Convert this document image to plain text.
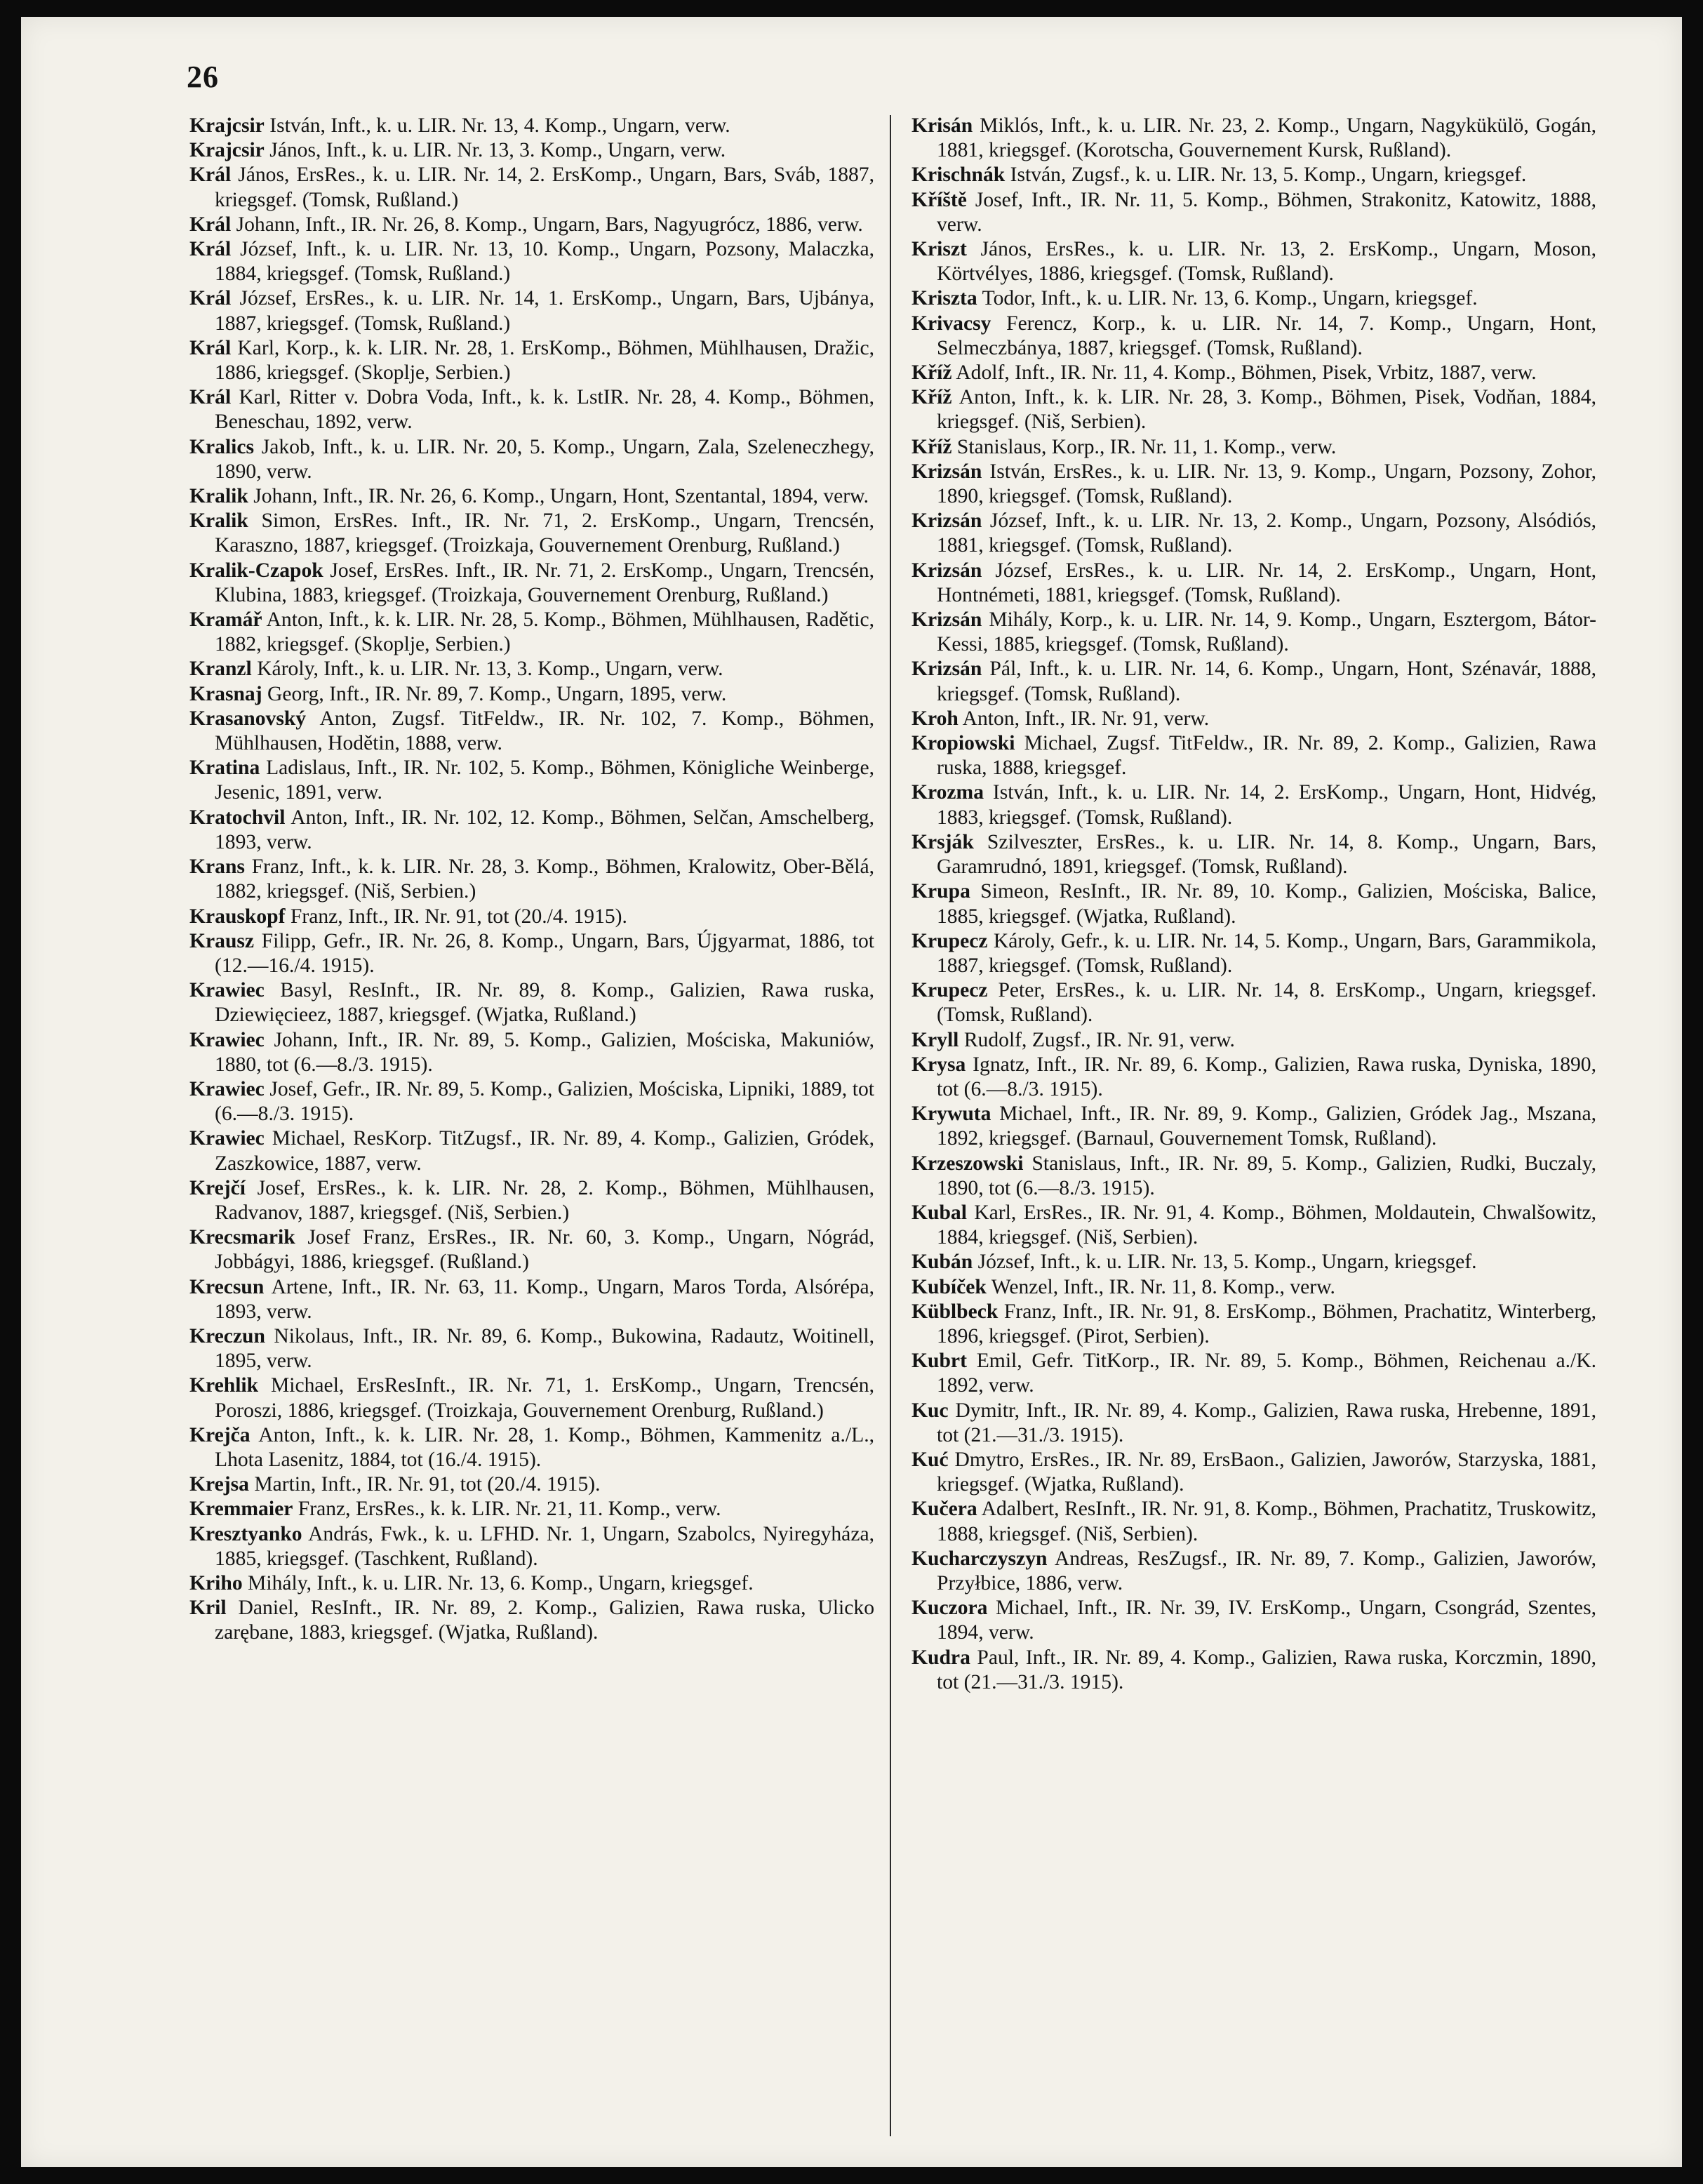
26
Krajcsir István, Inft., k. u. LIR. Nr. 13, 4. Komp., Ungarn, verw.
Krajcsir János, Inft., k. u. LIR. Nr. 13, 3. Komp., Ungarn, verw.
Král János, ErsRes., k. u. LIR. Nr. 14, 2. ErsKomp., Ungarn, Bars, Sváb, 1887, kriegsgef. (Tomsk, Rußland.)
Král Johann, Inft., IR. Nr. 26, 8. Komp., Ungarn, Bars, Nagyugrócz, 1886, verw.
Král József, Inft., k. u. LIR. Nr. 13, 10. Komp., Ungarn, Pozsony, Malaczka, 1884, kriegsgef. (Tomsk, Rußland.)
Král József, ErsRes., k. u. LIR. Nr. 14, 1. ErsKomp., Ungarn, Bars, Ujbánya, 1887, kriegsgef. (Tomsk, Rußland.)
Král Karl, Korp., k. k. LIR. Nr. 28, 1. ErsKomp., Böhmen, Mühlhausen, Dražic, 1886, kriegsgef. (Skoplje, Serbien.)
Král Karl, Ritter v. Dobra Voda, Inft., k. k. LstIR. Nr. 28, 4. Komp., Böhmen, Beneschau, 1892, verw.
Kralics Jakob, Inft., k. u. LIR. Nr. 20, 5. Komp., Ungarn, Zala, Szeleneczhegy, 1890, verw.
Kralik Johann, Inft., IR. Nr. 26, 6. Komp., Ungarn, Hont, Szentantal, 1894, verw.
Kralik Simon, ErsRes. Inft., IR. Nr. 71, 2. ErsKomp., Ungarn, Trencsén, Karaszno, 1887, kriegsgef. (Troizkaja, Gouvernement Orenburg, Rußland.)
Kralik-Czapok Josef, ErsRes. Inft., IR. Nr. 71, 2. ErsKomp., Ungarn, Trencsén, Klubina, 1883, kriegsgef. (Troizkaja, Gouvernement Orenburg, Rußland.)
Kramář Anton, Inft., k. k. LIR. Nr. 28, 5. Komp., Böhmen, Mühlhausen, Radětic, 1882, kriegsgef. (Skoplje, Serbien.)
Kranzl Károly, Inft., k. u. LIR. Nr. 13, 3. Komp., Ungarn, verw.
Krasnaj Georg, Inft., IR. Nr. 89, 7. Komp., Ungarn, 1895, verw.
Krasanovský Anton, Zugsf. TitFeldw., IR. Nr. 102, 7. Komp., Böhmen, Mühlhausen, Hodětin, 1888, verw.
Kratina Ladislaus, Inft., IR. Nr. 102, 5. Komp., Böhmen, Königliche Weinberge, Jesenic, 1891, verw.
Kratochvil Anton, Inft., IR. Nr. 102, 12. Komp., Böhmen, Selčan, Amschelberg, 1893, verw.
Krans Franz, Inft., k. k. LIR. Nr. 28, 3. Komp., Böhmen, Kralowitz, Ober-Bělá, 1882, kriegsgef. (Niš, Serbien.)
Krauskopf Franz, Inft., IR. Nr. 91, tot (20./4. 1915).
Krausz Filipp, Gefr., IR. Nr. 26, 8. Komp., Ungarn, Bars, Újgyarmat, 1886, tot (12.—16./4. 1915).
Krawiec Basyl, ResInft., IR. Nr. 89, 8. Komp., Galizien, Rawa ruska, Dziewięcieez, 1887, kriegsgef. (Wjatka, Rußland.)
Krawiec Johann, Inft., IR. Nr. 89, 5. Komp., Galizien, Mościska, Makuniów, 1880, tot (6.—8./3. 1915).
Krawiec Josef, Gefr., IR. Nr. 89, 5. Komp., Galizien, Mościska, Lipniki, 1889, tot (6.—8./3. 1915).
Krawiec Michael, ResKorp. TitZugsf., IR. Nr. 89, 4. Komp., Galizien, Gródek, Zaszkowice, 1887, verw.
Krejčí Josef, ErsRes., k. k. LIR. Nr. 28, 2. Komp., Böhmen, Mühlhausen, Radvanov, 1887, kriegsgef. (Niš, Serbien.)
Krecsmarik Josef Franz, ErsRes., IR. Nr. 60, 3. Komp., Ungarn, Nógrád, Jobbágyi, 1886, kriegsgef. (Rußland.)
Krecsun Artene, Inft., IR. Nr. 63, 11. Komp., Ungarn, Maros Torda, Alsórépa, 1893, verw.
Kreczun Nikolaus, Inft., IR. Nr. 89, 6. Komp., Bukowina, Radautz, Woitinell, 1895, verw.
Krehlik Michael, ErsResInft., IR. Nr. 71, 1. ErsKomp., Ungarn, Trencsén, Poroszi, 1886, kriegsgef. (Troizkaja, Gouvernement Orenburg, Rußland.)
Krejča Anton, Inft., k. k. LIR. Nr. 28, 1. Komp., Böhmen, Kammenitz a./L., Lhota Lasenitz, 1884, tot (16./4. 1915).
Krejsa Martin, Inft., IR. Nr. 91, tot (20./4. 1915).
Kremmaier Franz, ErsRes., k. k. LIR. Nr. 21, 11. Komp., verw.
Kresztyanko András, Fwk., k. u. LFHD. Nr. 1, Ungarn, Szabolcs, Nyiregyháza, 1885, kriegsgef. (Taschkent, Rußland).
Kriho Mihály, Inft., k. u. LIR. Nr. 13, 6. Komp., Ungarn, kriegsgef.
Kril Daniel, ResInft., IR. Nr. 89, 2. Komp., Galizien, Rawa ruska, Ulicko zarębane, 1883, kriegsgef. (Wjatka, Rußland).
Krisán Miklós, Inft., k. u. LIR. Nr. 23, 2. Komp., Ungarn, Nagykükülö, Gogán, 1881, kriegsgef. (Korotscha, Gouvernement Kursk, Rußland).
Krischnák István, Zugsf., k. u. LIR. Nr. 13, 5. Komp., Ungarn, kriegsgef.
Kříště Josef, Inft., IR. Nr. 11, 5. Komp., Böhmen, Strakonitz, Katowitz, 1888, verw.
Kriszt János, ErsRes., k. u. LIR. Nr. 13, 2. ErsKomp., Ungarn, Moson, Körtvélyes, 1886, kriegsgef. (Tomsk, Rußland).
Kriszta Todor, Inft., k. u. LIR. Nr. 13, 6. Komp., Ungarn, kriegsgef.
Krivacsy Ferencz, Korp., k. u. LIR. Nr. 14, 7. Komp., Ungarn, Hont, Selmeczbánya, 1887, kriegsgef. (Tomsk, Rußland).
Kříž Adolf, Inft., IR. Nr. 11, 4. Komp., Böhmen, Pisek, Vrbitz, 1887, verw.
Kříž Anton, Inft., k. k. LIR. Nr. 28, 3. Komp., Böhmen, Pisek, Vodňan, 1884, kriegsgef. (Niš, Serbien).
Kříž Stanislaus, Korp., IR. Nr. 11, 1. Komp., verw.
Krizsán István, ErsRes., k. u. LIR. Nr. 13, 9. Komp., Ungarn, Pozsony, Zohor, 1890, kriegsgef. (Tomsk, Rußland).
Krizsán József, Inft., k. u. LIR. Nr. 13, 2. Komp., Ungarn, Pozsony, Alsódiós, 1881, kriegsgef. (Tomsk, Rußland).
Krizsán József, ErsRes., k. u. LIR. Nr. 14, 2. ErsKomp., Ungarn, Hont, Hontnémeti, 1881, kriegsgef. (Tomsk, Rußland).
Krizsán Mihály, Korp., k. u. LIR. Nr. 14, 9. Komp., Ungarn, Esztergom, Bátor-Kessi, 1885, kriegsgef. (Tomsk, Rußland).
Krizsán Pál, Inft., k. u. LIR. Nr. 14, 6. Komp., Ungarn, Hont, Szénavár, 1888, kriegsgef. (Tomsk, Rußland).
Kroh Anton, Inft., IR. Nr. 91, verw.
Kropiowski Michael, Zugsf. TitFeldw., IR. Nr. 89, 2. Komp., Galizien, Rawa ruska, 1888, kriegsgef.
Krozma István, Inft., k. u. LIR. Nr. 14, 2. ErsKomp., Ungarn, Hont, Hidvég, 1883, kriegsgef. (Tomsk, Rußland).
Krsják Szilveszter, ErsRes., k. u. LIR. Nr. 14, 8. Komp., Ungarn, Bars, Garamrudnó, 1891, kriegsgef. (Tomsk, Rußland).
Krupa Simeon, ResInft., IR. Nr. 89, 10. Komp., Galizien, Mościska, Balice, 1885, kriegsgef. (Wjatka, Rußland).
Krupecz Károly, Gefr., k. u. LIR. Nr. 14, 5. Komp., Ungarn, Bars, Garammikola, 1887, kriegsgef. (Tomsk, Rußland).
Krupecz Peter, ErsRes., k. u. LIR. Nr. 14, 8. ErsKomp., Ungarn, kriegsgef. (Tomsk, Rußland).
Kryll Rudolf, Zugsf., IR. Nr. 91, verw.
Krysa Ignatz, Inft., IR. Nr. 89, 6. Komp., Galizien, Rawa ruska, Dyniska, 1890, tot (6.—8./3. 1915).
Krywuta Michael, Inft., IR. Nr. 89, 9. Komp., Galizien, Gródek Jag., Mszana, 1892, kriegsgef. (Barnaul, Gouvernement Tomsk, Rußland).
Krzeszowski Stanislaus, Inft., IR. Nr. 89, 5. Komp., Galizien, Rudki, Buczaly, 1890, tot (6.—8./3. 1915).
Kubal Karl, ErsRes., IR. Nr. 91, 4. Komp., Böhmen, Moldautein, Chwalšowitz, 1884, kriegsgef. (Niš, Serbien).
Kubán József, Inft., k. u. LIR. Nr. 13, 5. Komp., Ungarn, kriegsgef.
Kubíček Wenzel, Inft., IR. Nr. 11, 8. Komp., verw.
Küblbeck Franz, Inft., IR. Nr. 91, 8. ErsKomp., Böhmen, Prachatitz, Winterberg, 1896, kriegsgef. (Pirot, Serbien).
Kubrt Emil, Gefr. TitKorp., IR. Nr. 89, 5. Komp., Böhmen, Reichenau a./K. 1892, verw.
Kuc Dymitr, Inft., IR. Nr. 89, 4. Komp., Galizien, Rawa ruska, Hrebenne, 1891, tot (21.—31./3. 1915).
Kuć Dmytro, ErsRes., IR. Nr. 89, ErsBaon., Galizien, Jaworów, Starzyska, 1881, kriegsgef. (Wjatka, Rußland).
Kučera Adalbert, ResInft., IR. Nr. 91, 8. Komp., Böhmen, Prachatitz, Truskowitz, 1888, kriegsgef. (Niš, Serbien).
Kucharczyszyn Andreas, ResZugsf., IR. Nr. 89, 7. Komp., Galizien, Jaworów, Przyłbice, 1886, verw.
Kuczora Michael, Inft., IR. Nr. 39, IV. ErsKomp., Ungarn, Csongrád, Szentes, 1894, verw.
Kudra Paul, Inft., IR. Nr. 89, 4. Komp., Galizien, Rawa ruska, Korczmin, 1890, tot (21.—31./3. 1915).
